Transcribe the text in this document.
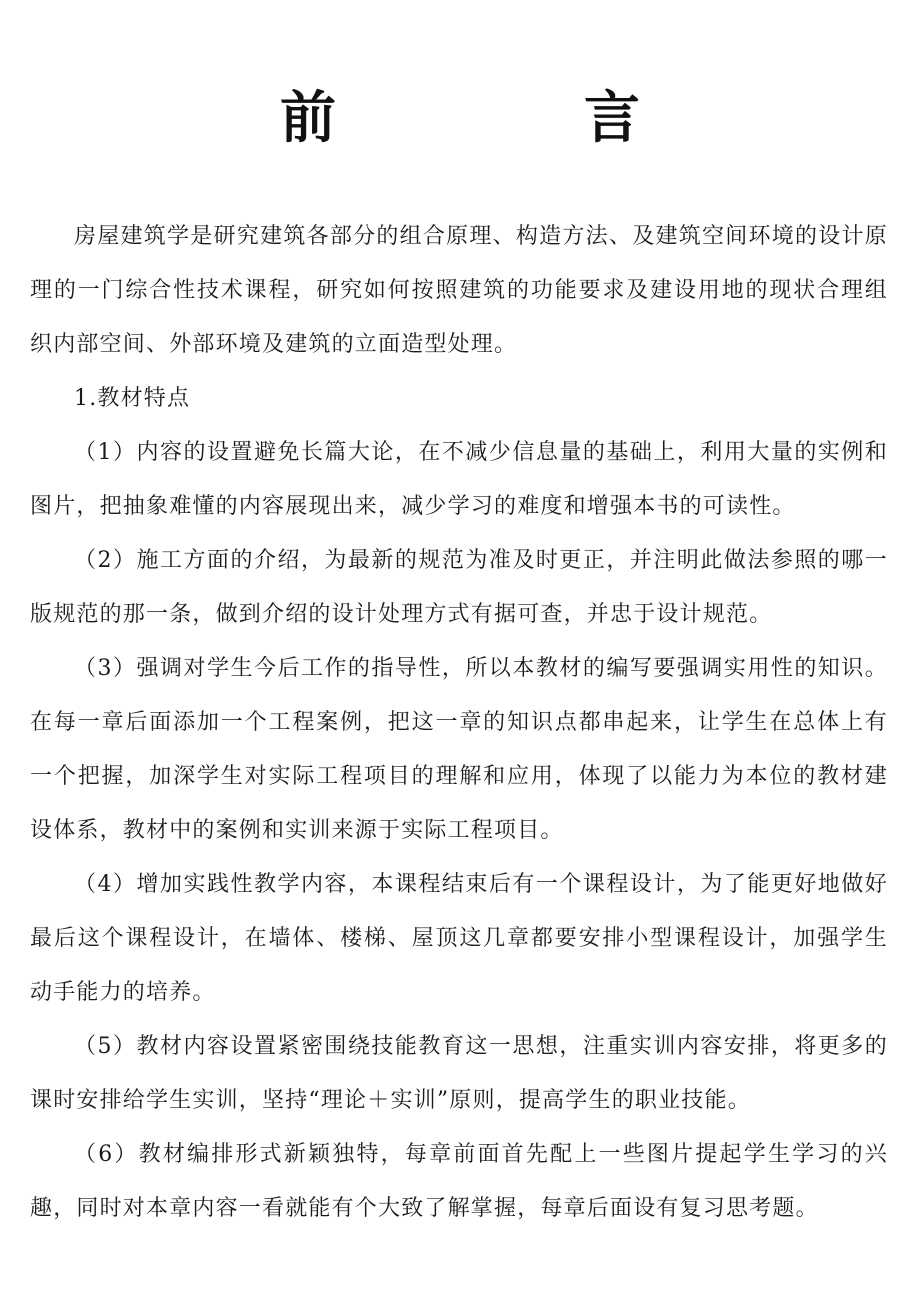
前　言

房屋建筑学是研究建筑各部分的组合原理、构造方法、及建筑空间环境的设计原理的一门综合性技术课程，研究如何按照建筑的功能要求及建设用地的现状合理组织内部空间、外部环境及建筑的立面造型处理。

1.教材特点

（1）内容的设置避免长篇大论，在不减少信息量的基础上，利用大量的实例和图片，把抽象难懂的内容展现出来，减少学习的难度和增强本书的可读性。

（2）施工方面的介绍，为最新的规范为准及时更正，并注明此做法参照的哪一版规范的那一条，做到介绍的设计处理方式有据可查，并忠于设计规范。

（3）强调对学生今后工作的指导性，所以本教材的编写要强调实用性的知识。在每一章后面添加一个工程案例，把这一章的知识点都串起来，让学生在总体上有一个把握，加深学生对实际工程项目的理解和应用，体现了以能力为本位的教材建设体系，教材中的案例和实训来源于实际工程项目。

（4）增加实践性教学内容，本课程结束后有一个课程设计，为了能更好地做好最后这个课程设计，在墙体、楼梯、屋顶这几章都要安排小型课程设计，加强学生动手能力的培养。

（5）教材内容设置紧密围绕技能教育这一思想，注重实训内容安排，将更多的课时安排给学生实训，坚持“理论＋实训”原则，提高学生的职业技能。

（6）教材编排形式新颖独特，每章前面首先配上一些图片提起学生学习的兴趣，同时对本章内容一看就能有个大致了解掌握，每章后面设有复习思考题。
